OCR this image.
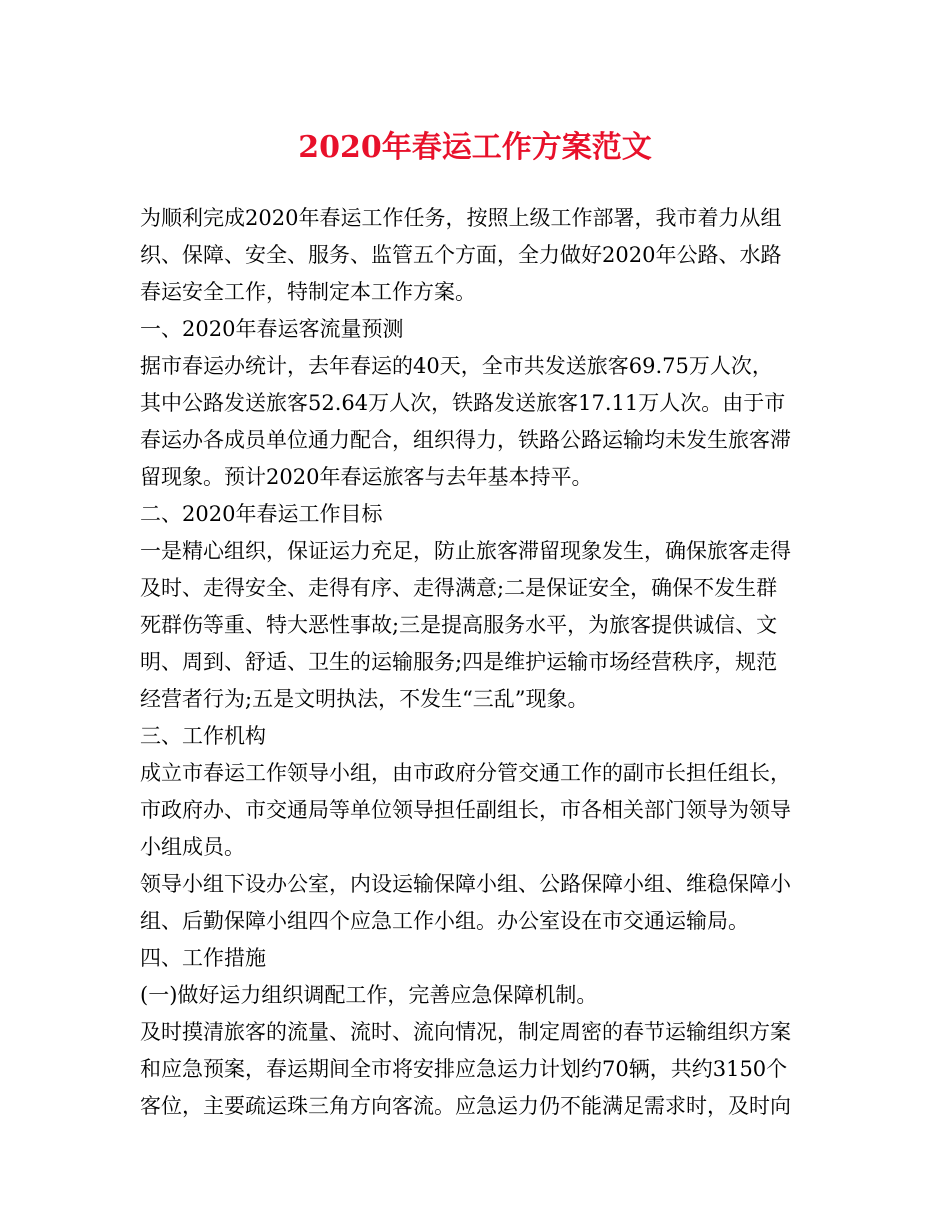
2020年春运工作方案范文
为顺利完成2020年春运工作任务，按照上级工作部署，我市着力从组
织、保障、安全、服务、监管五个方面，全力做好2020年公路、水路
春运安全工作，特制定本工作方案。
一、2020年春运客流量预测
据市春运办统计，去年春运的40天，全市共发送旅客69.75万人次，
其中公路发送旅客52.64万人次，铁路发送旅客17.11万人次。由于市
春运办各成员单位通力配合，组织得力，铁路公路运输均未发生旅客滞
留现象。预计2020年春运旅客与去年基本持平。
二、2020年春运工作目标
一是精心组织，保证运力充足，防止旅客滞留现象发生，确保旅客走得
及时、走得安全、走得有序、走得满意;二是保证安全，确保不发生群
死群伤等重、特大恶性事故;三是提高服务水平，为旅客提供诚信、文
明、周到、舒适、卫生的运输服务;四是维护运输市场经营秩序，规范
经营者行为;五是文明执法，不发生“三乱”现象。
三、工作机构
成立市春运工作领导小组，由市政府分管交通工作的副市长担任组长，
市政府办、市交通局等单位领导担任副组长，市各相关部门领导为领导
小组成员。
领导小组下设办公室，内设运输保障小组、公路保障小组、维稳保障小
组、后勤保障小组四个应急工作小组。办公室设在市交通运输局。
四、工作措施
(一)做好运力组织调配工作，完善应急保障机制。
及时摸清旅客的流量、流时、流向情况，制定周密的春节运输组织方案
和应急预案，春运期间全市将安排应急运力计划约70辆，共约3150个
客位，主要疏运珠三角方向客流。应急运力仍不能满足需求时，及时向
